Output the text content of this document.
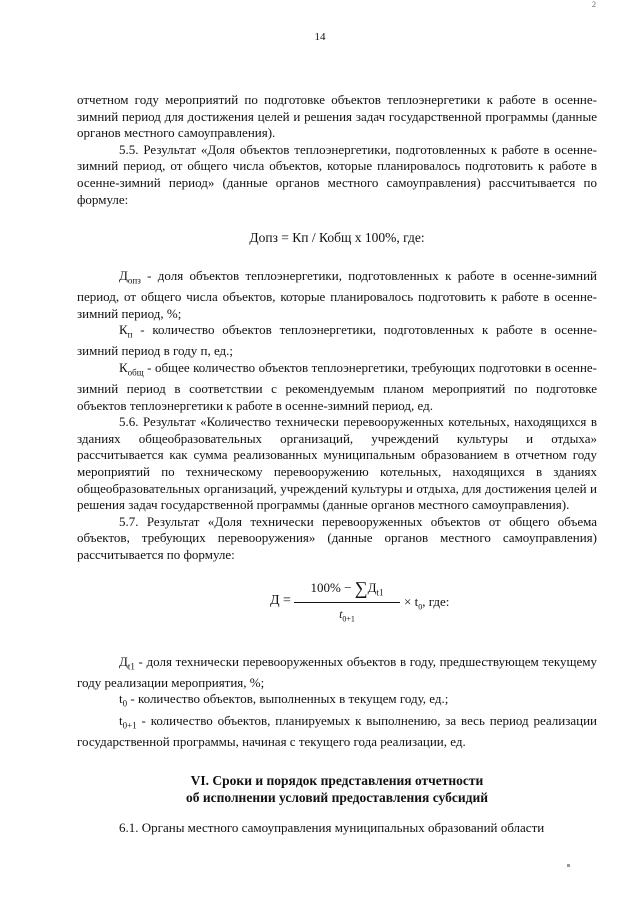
2
14

отчетном году мероприятий по подготовке объектов теплоэнергетики к работе в осенне-зимний период для достижения целей и решения задач государственной программы (данные органов местного самоуправления).

5.5. Результат «Доля объектов теплоэнергетики, подготовленных к работе в осенне-зимний период, от общего числа объектов, которые планировалось подготовить к работе в осенне-зимний период» (данные органов местного самоуправления) рассчитывается по формуле:

Допз = Кп / Кобщ х 100%, где:

$Д_{опз}$ - доля объектов теплоэнергетики, подготовленных к работе в осенне-зимний период, от общего числа объектов, которые планировалось подготовить к работе в осенне-зимний период, %;

$К_п$ - количество объектов теплоэнергетики, подготовленных к работе в осенне-зимний период в году п, ед.;

$К_{общ}$ - общее количество объектов теплоэнергетики, требующих подготовки в осенне-зимний период в соответствии с рекомендуемым планом мероприятий по подготовке объектов теплоэнергетики к работе в осенне-зимний период, ед.

5.6. Результат «Количество технически перевооруженных котельных, находящихся в зданиях общеобразовательных организаций, учреждений культуры и отдыха» рассчитывается как сумма реализованных муниципальным образованием в отчетном году мероприятий по техническому перевооружению котельных, находящихся в зданиях общеобразовательных организаций, учреждений культуры и отдыха, для достижения целей и решения задач государственной программы (данные органов местного самоуправления).

5.7. Результат «Доля технически перевооруженных объектов от общего объема объектов, требующих перевооружения» (данные органов местного самоуправления) рассчитывается по формуле:

Д =
$100\% - \sum Д_{t1}$
$t_{0+1}$
× $t_0$, где:

$Д_{t1}$ - доля технически перевооруженных объектов в году, предшествующем текущему году реализации мероприятия, %;

$t_0$ - количество объектов, выполненных в текущем году, ед.;

$t_{0+1}$ - количество объектов, планируемых к выполнению, за весь период реализации государственной программы, начиная с текущего года реализации, ед.

VI. Сроки и порядок представления отчетности
об исполнении условий предоставления субсидий

6.1. Органы местного самоуправления муниципальных образований области
